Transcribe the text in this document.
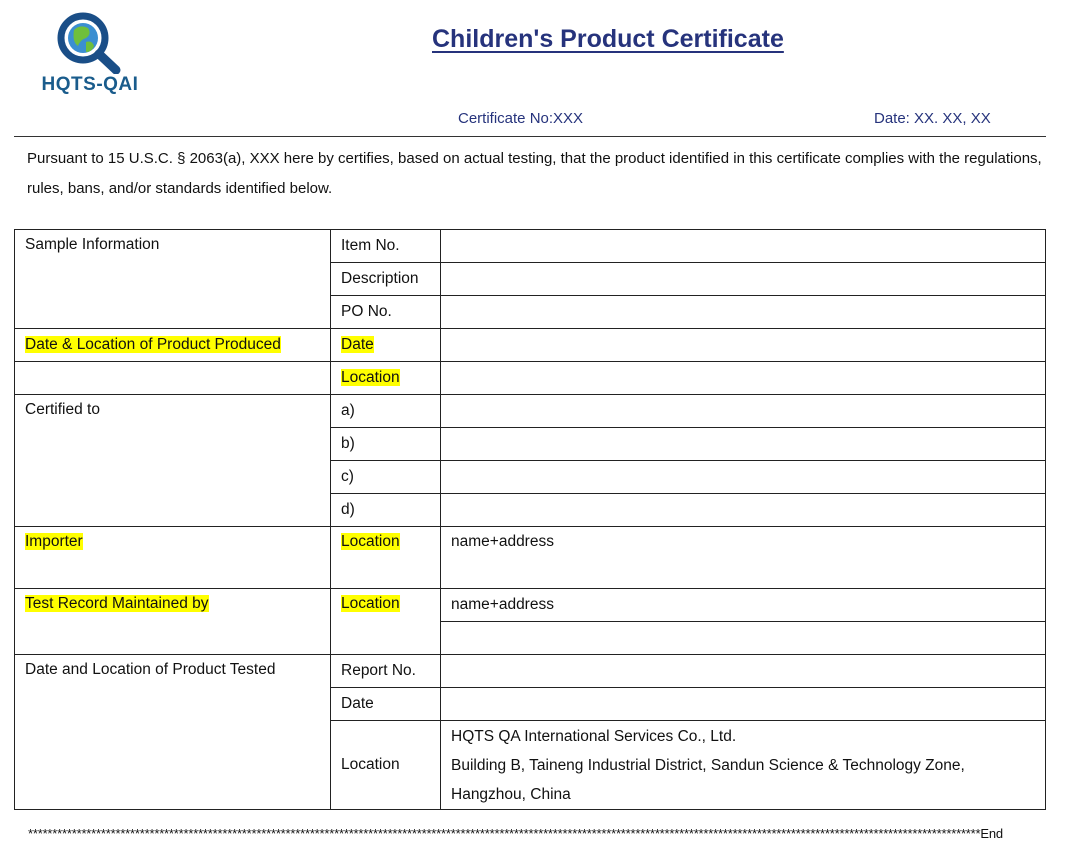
HQTS-QAI
Children's Product Certificate
Certificate No:XXX	Date: XX. XX, XX
Pursuant to 15 U.S.C. § 2063(a), XXX here by certifies, based on actual testing, that the product identified in this certificate complies with the regulations, rules, bans, and/or standards identified below.
Sample Information	Item No.	
	Description	
	PO No.	
Date & Location of Product Produced	Date	
	Location	
Certified to	a)	
	b)	
	c)	
	d)	
Importer	Location	name+address
Test Record Maintained by	Location	name+address

Date and Location of Product Tested	Report No.	
	Date	
	Location	HQTS QA International Services Co., Ltd.
Building B, Taineng Industrial District, Sandun Science & Technology Zone,
Hangzhou, China
****************************************************************************************************************************************************************************************************End
